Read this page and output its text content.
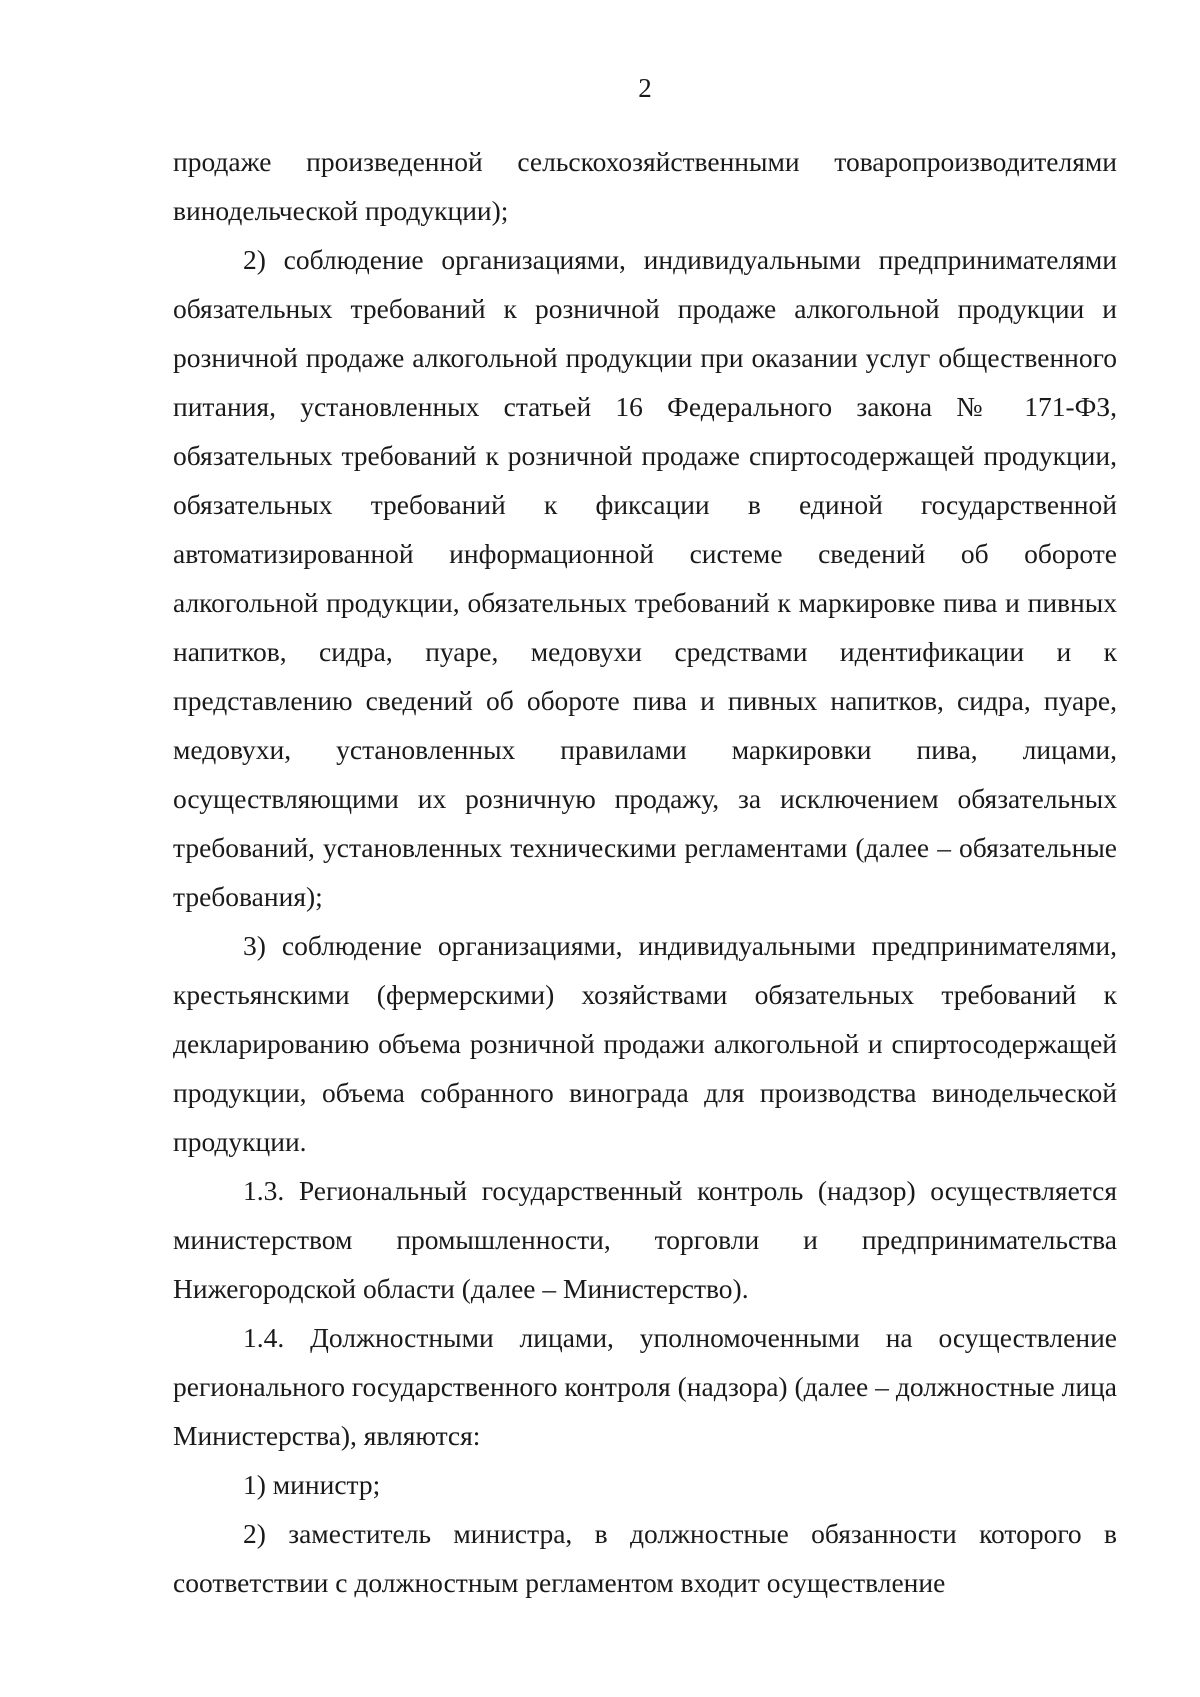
2

продаже произведенной сельскохозяйственными товаропроизводителями винодельческой продукции);

2) соблюдение организациями, индивидуальными предпринимателями обязательных требований к розничной продаже алкогольной продукции и розничной продаже алкогольной продукции при оказании услуг общественного питания, установленных статьей 16 Федерального закона № 171-ФЗ, обязательных требований к розничной продаже спиртосодержащей продукции, обязательных требований к фиксации в единой государственной автоматизированной информационной системе сведений об обороте алкогольной продукции, обязательных требований к маркировке пива и пивных напитков, сидра, пуаре, медовухи средствами идентификации и к представлению сведений об обороте пива и пивных напитков, сидра, пуаре, медовухи, установленных правилами маркировки пива, лицами, осуществляющими их розничную продажу, за исключением обязательных требований, установленных техническими регламентами (далее – обязательные требования);

3) соблюдение организациями, индивидуальными предпринимателями, крестьянскими (фермерскими) хозяйствами обязательных требований к декларированию объема розничной продажи алкогольной и спиртосодержащей продукции, объема собранного винограда для производства винодельческой продукции.

1.3. Региональный государственный контроль (надзор) осуществляется министерством промышленности, торговли и предпринимательства Нижегородской области (далее – Министерство).

1.4. Должностными лицами, уполномоченными на осуществление регионального государственного контроля (надзора) (далее – должностные лица Министерства), являются:

1) министр;

2) заместитель министра, в должностные обязанности которого в соответствии с должностным регламентом входит осуществление
